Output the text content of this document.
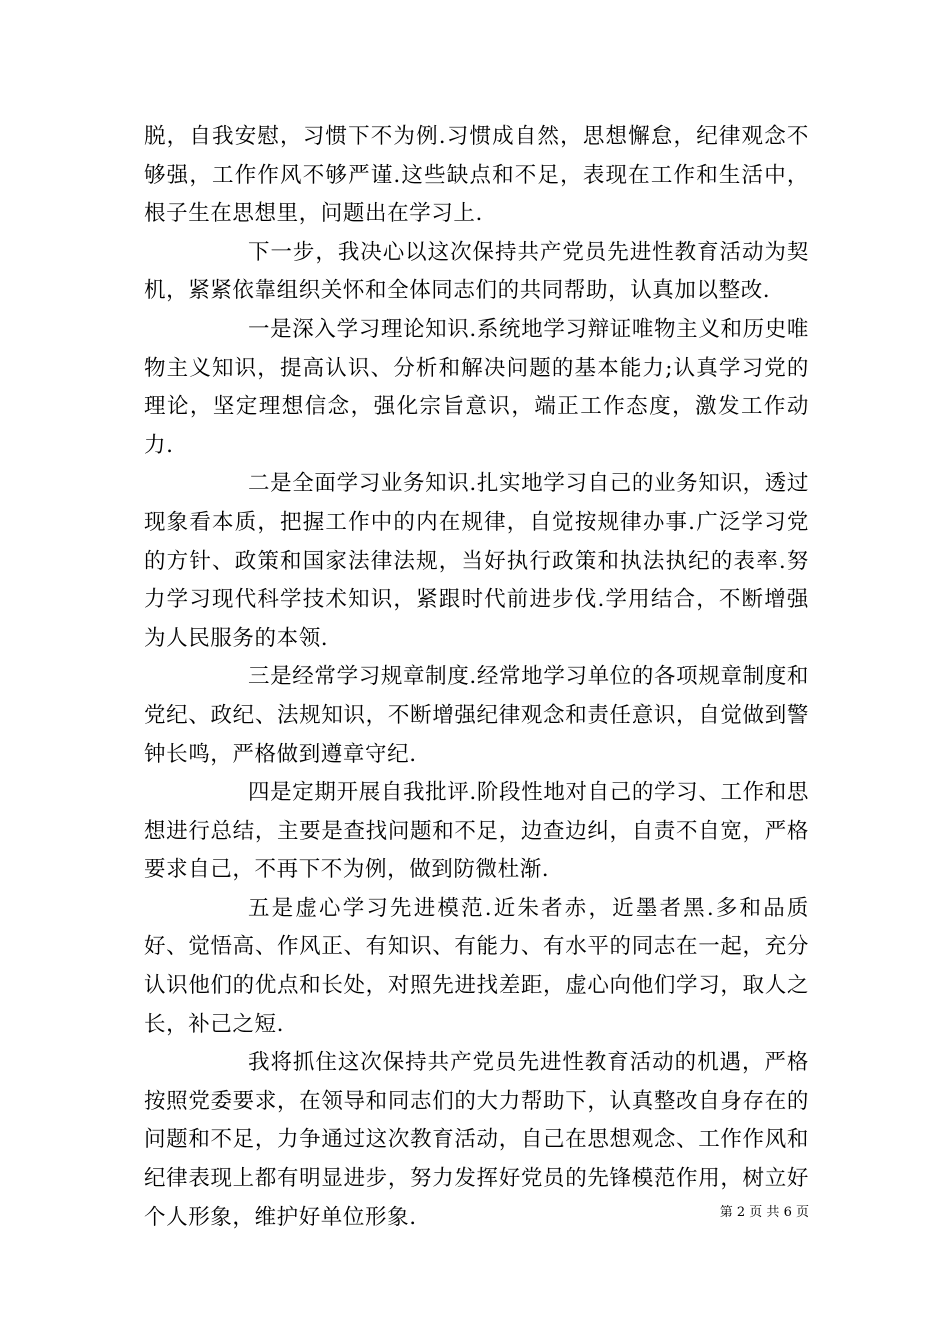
脱，自我安慰，习惯下不为例.习惯成自然，思想懈怠，纪律观念不够强，工作作风不够严谨.这些缺点和不足，表现在工作和生活中，根子生在思想里，问题出在学习上.

下一步，我决心以这次保持共产党员先进性教育活动为契机，紧紧依靠组织关怀和全体同志们的共同帮助，认真加以整改.

一是深入学习理论知识.系统地学习辩证唯物主义和历史唯物主义知识，提高认识、分析和解决问题的基本能力;认真学习党的理论，坚定理想信念，强化宗旨意识，端正工作态度，激发工作动力.

二是全面学习业务知识.扎实地学习自己的业务知识，透过现象看本质，把握工作中的内在规律，自觉按规律办事.广泛学习党的方针、政策和国家法律法规，当好执行政策和执法执纪的表率.努力学习现代科学技术知识，紧跟时代前进步伐.学用结合，不断增强为人民服务的本领.

三是经常学习规章制度.经常地学习单位的各项规章制度和党纪、政纪、法规知识，不断增强纪律观念和责任意识，自觉做到警钟长鸣，严格做到遵章守纪.

四是定期开展自我批评.阶段性地对自己的学习、工作和思想进行总结，主要是查找问题和不足，边查边纠，自责不自宽，严格要求自己，不再下不为例，做到防微杜渐.

五是虚心学习先进模范.近朱者赤，近墨者黑.多和品质好、觉悟高、作风正、有知识、有能力、有水平的同志在一起，充分认识他们的优点和长处，对照先进找差距，虚心向他们学习，取人之长，补己之短.

我将抓住这次保持共产党员先进性教育活动的机遇，严格按照党委要求，在领导和同志们的大力帮助下，认真整改自身存在的问题和不足，力争通过这次教育活动，自己在思想观念、工作作风和纪律表现上都有明显进步，努力发挥好党员的先锋模范作用，树立好个人形象，维护好单位形象.	第 2 页 共 6 页
